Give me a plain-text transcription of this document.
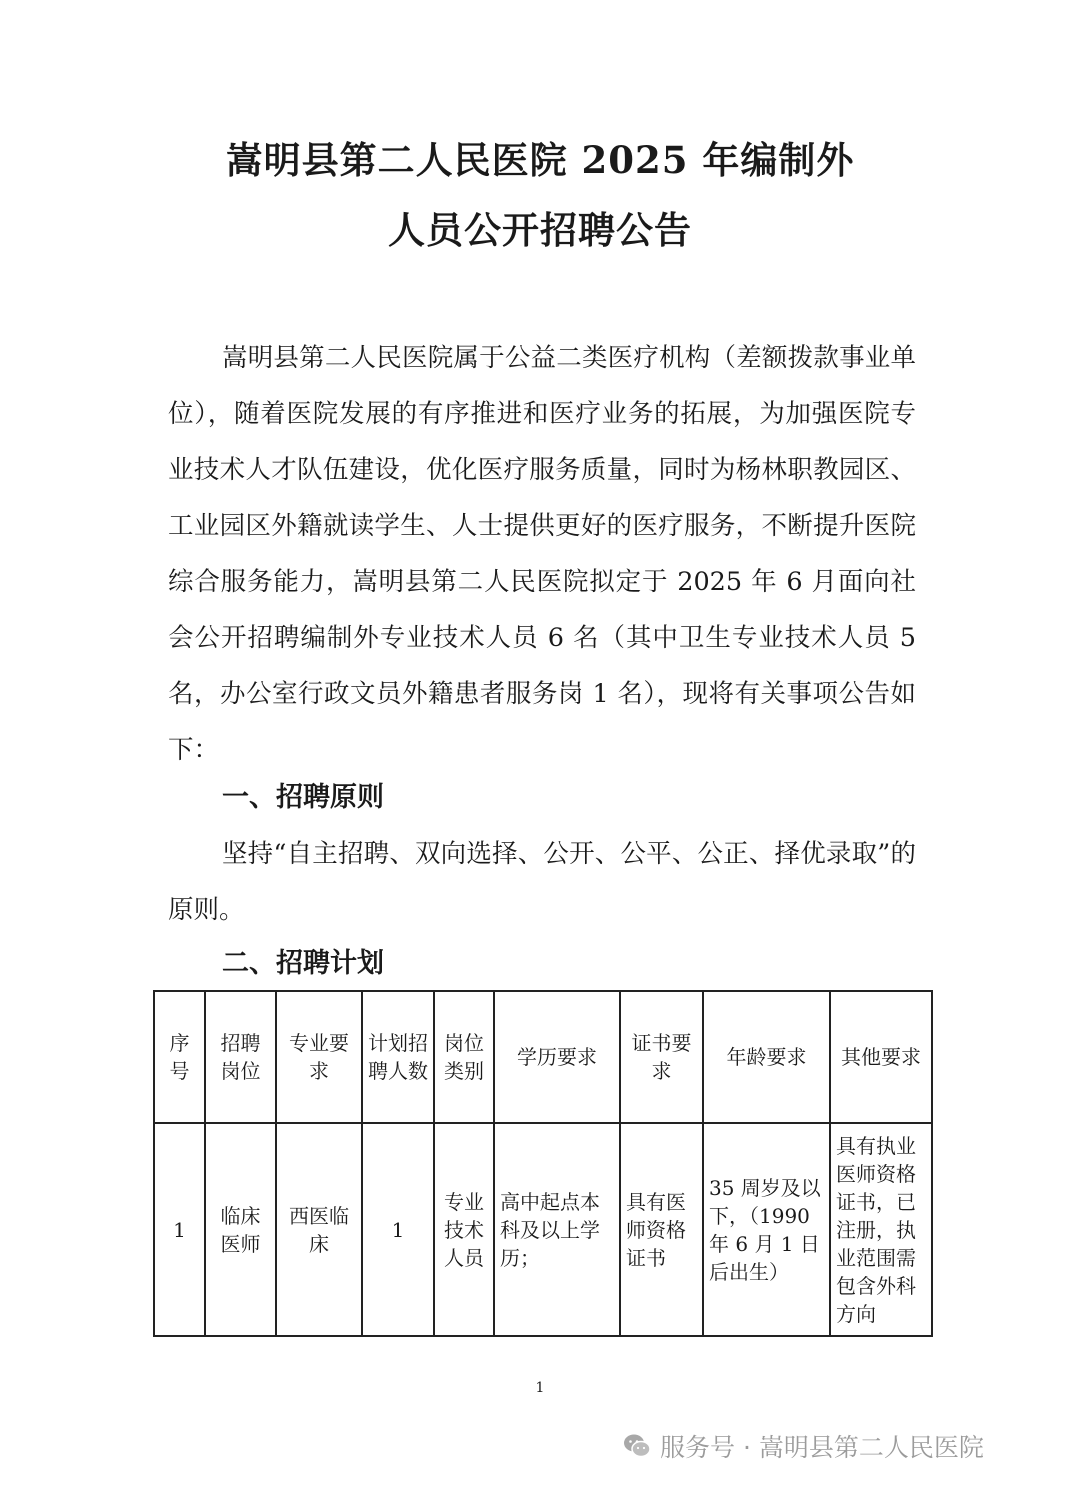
嵩明县第二人民医院 2025 年编制外
人员公开招聘公告

嵩明县第二人民医院属于公益二类医疗机构（差额拨款事业单位），随着医院发展的有序推进和医疗业务的拓展，为加强医院专业技术人才队伍建设，优化医疗服务质量，同时为杨林职教园区、工业园区外籍就读学生、人士提供更好的医疗服务，不断提升医院综合服务能力，嵩明县第二人民医院拟定于 2025 年 6 月面向社会公开招聘编制外专业技术人员 6 名（其中卫生专业技术人员 5 名，办公室行政文员外籍患者服务岗 1 名），现将有关事项公告如下：

一、招聘原则

坚持“自主招聘、双向选择、公开、公平、公正、择优录取”的原则。

二、招聘计划
序号	招聘岗位	专业要求	计划招聘人数	岗位类别	学历要求	证书要求	年龄要求	其他要求
1	临床医师	西医临床	1	专业技术人员	高中起点本科及以上学历；	具有医师资格证书	35 周岁及以下，（1990 年 6 月 1 日后出生）	具有执业医师资格证书，已注册，执业范围需包含外科方向
1
服务号 · 嵩明县第二人民医院
